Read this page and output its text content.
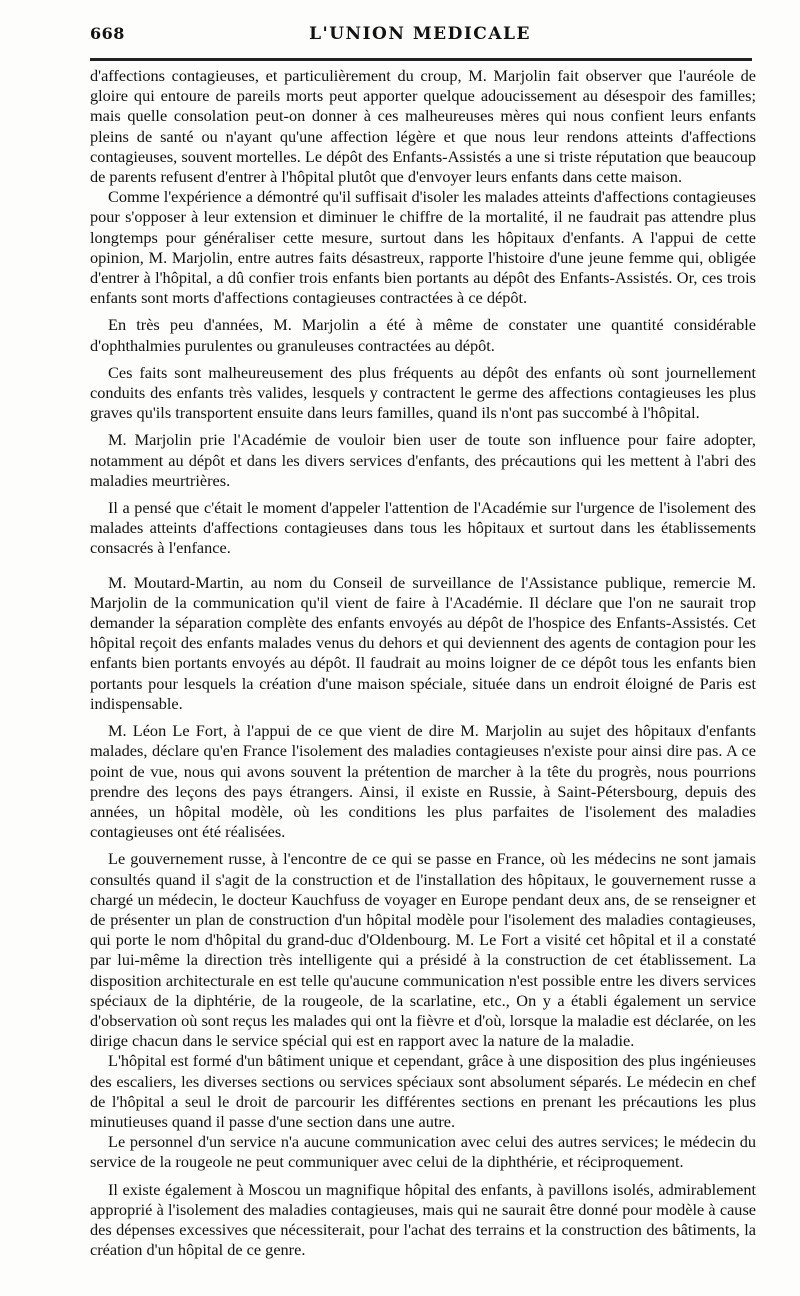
668	L'UNION MEDICALE

d'affections contagieuses, et particulièrement du croup, M. Marjolin fait observer que l'auréole de gloire qui entoure de pareils morts peut apporter quelque adoucissement au désespoir des familles; mais quelle consolation peut-on donner à ces malheureuses mères qui nous confient leurs enfants pleins de santé ou n'ayant qu'une affection légère et que nous leur rendons atteints d'affections contagieuses, souvent mortelles. Le dépôt des Enfants-Assistés a une si triste réputation que beaucoup de parents refusent d'entrer à l'hôpital plutôt que d'envoyer leurs enfants dans cette maison.

Comme l'expérience a démontré qu'il suffisait d'isoler les malades atteints d'affections contagieuses pour s'opposer à leur extension et diminuer le chiffre de la mortalité, il ne faudrait pas attendre plus longtemps pour généraliser cette mesure, surtout dans les hôpitaux d'enfants. A l'appui de cette opinion, M. Marjolin, entre autres faits désastreux, rapporte l'histoire d'une jeune femme qui, obligée d'entrer à l'hôpital, a dû confier trois enfants bien portants au dépôt des Enfants-Assistés. Or, ces trois enfants sont morts d'affections contagieuses contractées à ce dépôt.

En très peu d'années, M. Marjolin a été à même de constater une quantité considérable d'ophthalmies purulentes ou granuleuses contractées au dépôt.

Ces faits sont malheureusement des plus fréquents au dépôt des enfants où sont journellement conduits des enfants très valides, lesquels y contractent le germe des affections contagieuses les plus graves qu'ils transportent ensuite dans leurs familles, quand ils n'ont pas succombé à l'hôpital.

M. Marjolin prie l'Académie de vouloir bien user de toute son influence pour faire adopter, notamment au dépôt et dans les divers services d'enfants, des précautions qui les mettent à l'abri des maladies meurtrières.

Il a pensé que c'était le moment d'appeler l'attention de l'Académie sur l'urgence de l'isolement des malades atteints d'affections contagieuses dans tous les hôpitaux et surtout dans les établissements consacrés à l'enfance.

M. Moutard-Martin, au nom du Conseil de surveillance de l'Assistance publique, remercie M. Marjolin de la communication qu'il vient de faire à l'Académie. Il déclare que l'on ne saurait trop demander la séparation complète des enfants envoyés au dépôt de l'hospice des Enfants-Assistés. Cet hôpital reçoit des enfants malades venus du dehors et qui deviennent des agents de contagion pour les enfants bien portants envoyés au dépôt. Il faudrait au moins loigner de ce dépôt tous les enfants bien portants pour lesquels la création d'une maison spéciale, située dans un endroit éloigné de Paris est indispensable.

M. Léon Le Fort, à l'appui de ce que vient de dire M. Marjolin au sujet des hôpitaux d'enfants malades, déclare qu'en France l'isolement des maladies contagieuses n'existe pour ainsi dire pas. A ce point de vue, nous qui avons souvent la prétention de marcher à la tête du progrès, nous pourrions prendre des leçons des pays étrangers. Ainsi, il existe en Russie, à Saint-Pétersbourg, depuis des années, un hôpital modèle, où les conditions les plus parfaites de l'isolement des maladies contagieuses ont été réalisées.

Le gouvernement russe, à l'encontre de ce qui se passe en France, où les médecins ne sont jamais consultés quand il s'agit de la construction et de l'installation des hôpitaux, le gouvernement russe a chargé un médecin, le docteur Kauchfuss de voyager en Europe pendant deux ans, de se renseigner et de présenter un plan de construction d'un hôpital modèle pour l'isolement des maladies contagieuses, qui porte le nom d'hôpital du grand-duc d'Oldenbourg. M. Le Fort a visité cet hôpital et il a constaté par lui-même la direction très intelligente qui a présidé à la construction de cet établissement. La disposition architecturale en est telle qu'aucune communication n'est possible entre les divers services spéciaux de la diphtérie, de la rougeole, de la scarlatine, etc., On y a établi également un service d'observation où sont reçus les malades qui ont la fièvre et d'où, lorsque la maladie est déclarée, on les dirige chacun dans le service spécial qui est en rapport avec la nature de la maladie.

L'hôpital est formé d'un bâtiment unique et cependant, grâce à une disposition des plus ingénieuses des escaliers, les diverses sections ou services spéciaux sont absolument séparés. Le médecin en chef de l'hôpital a seul le droit de parcourir les différentes sections en prenant les précautions les plus minutieuses quand il passe d'une section dans une autre.

Le personnel d'un service n'a aucune communication avec celui des autres services; le médecin du service de la rougeole ne peut communiquer avec celui de la diphthérie, et réciproquement.

Il existe également à Moscou un magnifique hôpital des enfants, à pavillons isolés, admirablement approprié à l'isolement des maladies contagieuses, mais qui ne saurait être donné pour modèle à cause des dépenses excessives que nécessiterait, pour l'achat des terrains et la construction des bâtiments, la création d'un hôpital de ce genre.
